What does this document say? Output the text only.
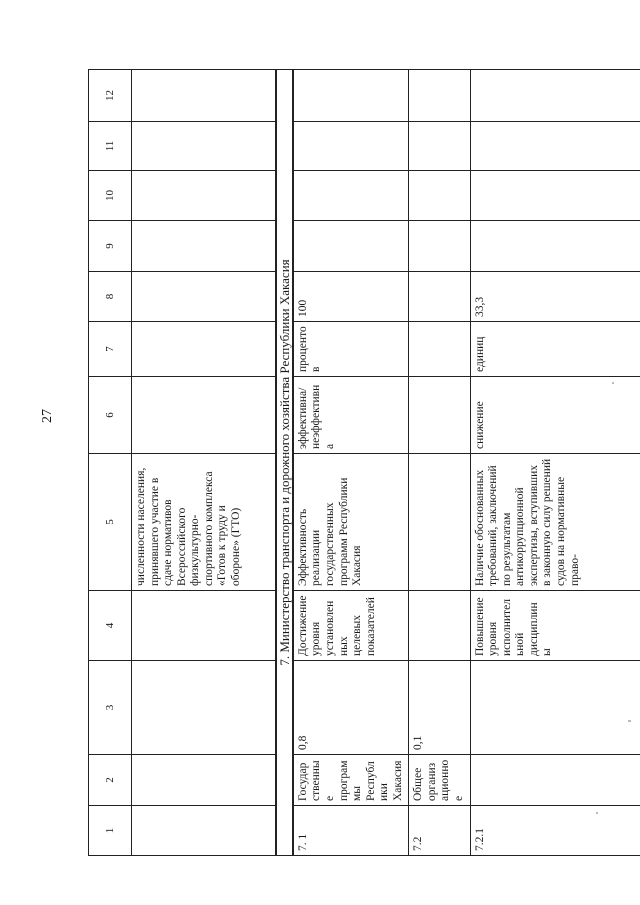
27
1	2	3	4	5	6	7	8	9	10	11	12
				численности населения, принявшего участие в сдаче нормативов Всероссийского физкультурно-спортивного комплекса «Готов к труду и обороне» (ГТО)							
7. Министерство транспорта и дорожного хозяйства Республики Хакасия											
7. 1	Государственные программы Республики Хакасия	0,8	Достижение уровня установленных целевых показателей	Эффективность реализации государственных программ Республики Хакасия	эффективна/ неэффективна	процентов	100				
7.2	Общее организационное	0,1									
7.2.1			Повышение уровня исполнительной дисциплины	Наличие обоснованных требований, заключений по результатам антикоррупционной экспертизы, вступивших в законную силу решений судов на нормативные право-	снижение	единиц	33,3				
